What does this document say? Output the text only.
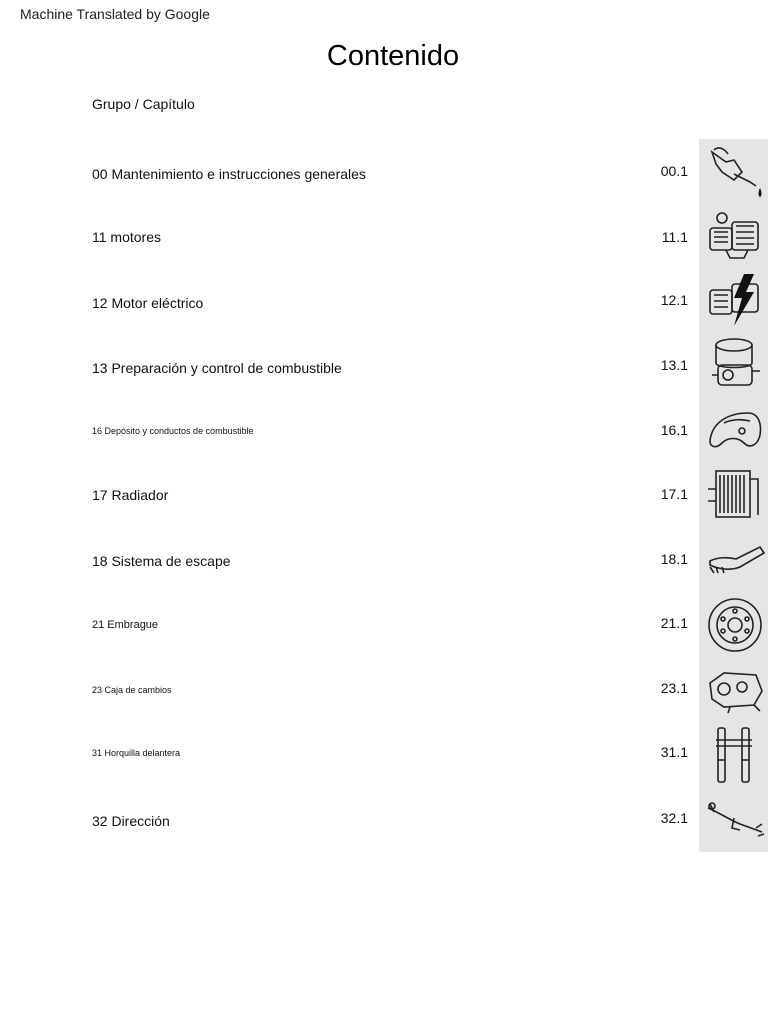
Machine Translated by Google
Contenido
Grupo / Capítulo
00 Mantenimiento e instrucciones generales	00.1
11 motores	11.1
12 Motor eléctrico	12.1
13 Preparación y control de combustible	13.1
16 Depósito y conductos de combustible	16.1
17 Radiador	17.1
18 Sistema de escape	18.1
21 Embrague	21.1
23 Caja de cambios	23.1
31 Horquilla delantera	31.1
32 Dirección	32.1
